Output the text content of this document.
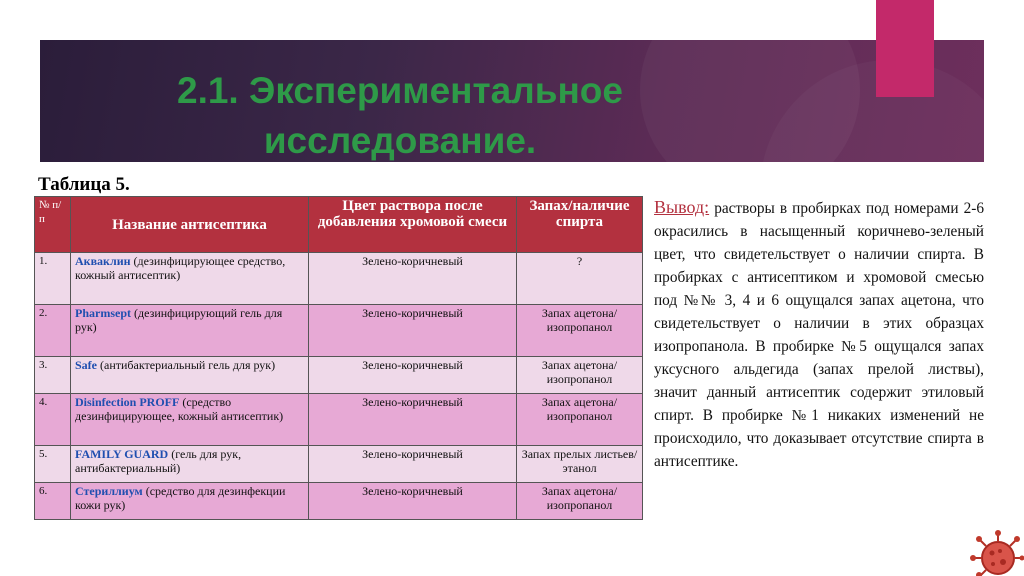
2.1. Экспериментальное
исследование.
Таблица 5.
№ п/п	Название антисептика	Цвет раствора после добавления хромовой смеси	Запах/наличие спирта
1.	Акваклин (дезинфицирующее средство, кожный антисептик)	Зелено-коричневый	?
2.	Pharmsept (дезинфицирующий гель для рук)	Зелено-коричневый	Запах ацетона/изопропанол
3.	Safe (антибактериальный гель для рук)	Зелено-коричневый	Запах ацетона/изопропанол
4.	Disinfection PROFF (средство дезинфицирующее, кожный антисептик)	Зелено-коричневый	Запах ацетона/изопропанол
5.	FAMILY GUARD (гель для рук, антибактериальный)	Зелено-коричневый	Запах прелых листьев/этанол
6.	Стериллиум (средство для дезинфекции кожи рук)	Зелено-коричневый	Запах ацетона/изопропанол

Вывод: растворы в пробирках под номерами 2-6 окрасились в насыщенный коричнево-зеленый цвет, что свидетельствует о наличии спирта. В пробирках с антисептиком и хромовой смесью под №№ 3, 4 и 6 ощущался запах ацетона, что свидетельствует о наличии в этих образцах изопропанола. В пробирке №5 ощущался запах уксусного альдегида (запах прелой листвы), значит данный антисептик содержит этиловый спирт. В пробирке №1 никаких изменений не происходило, что доказывает отсутствие спирта в антисептике.
